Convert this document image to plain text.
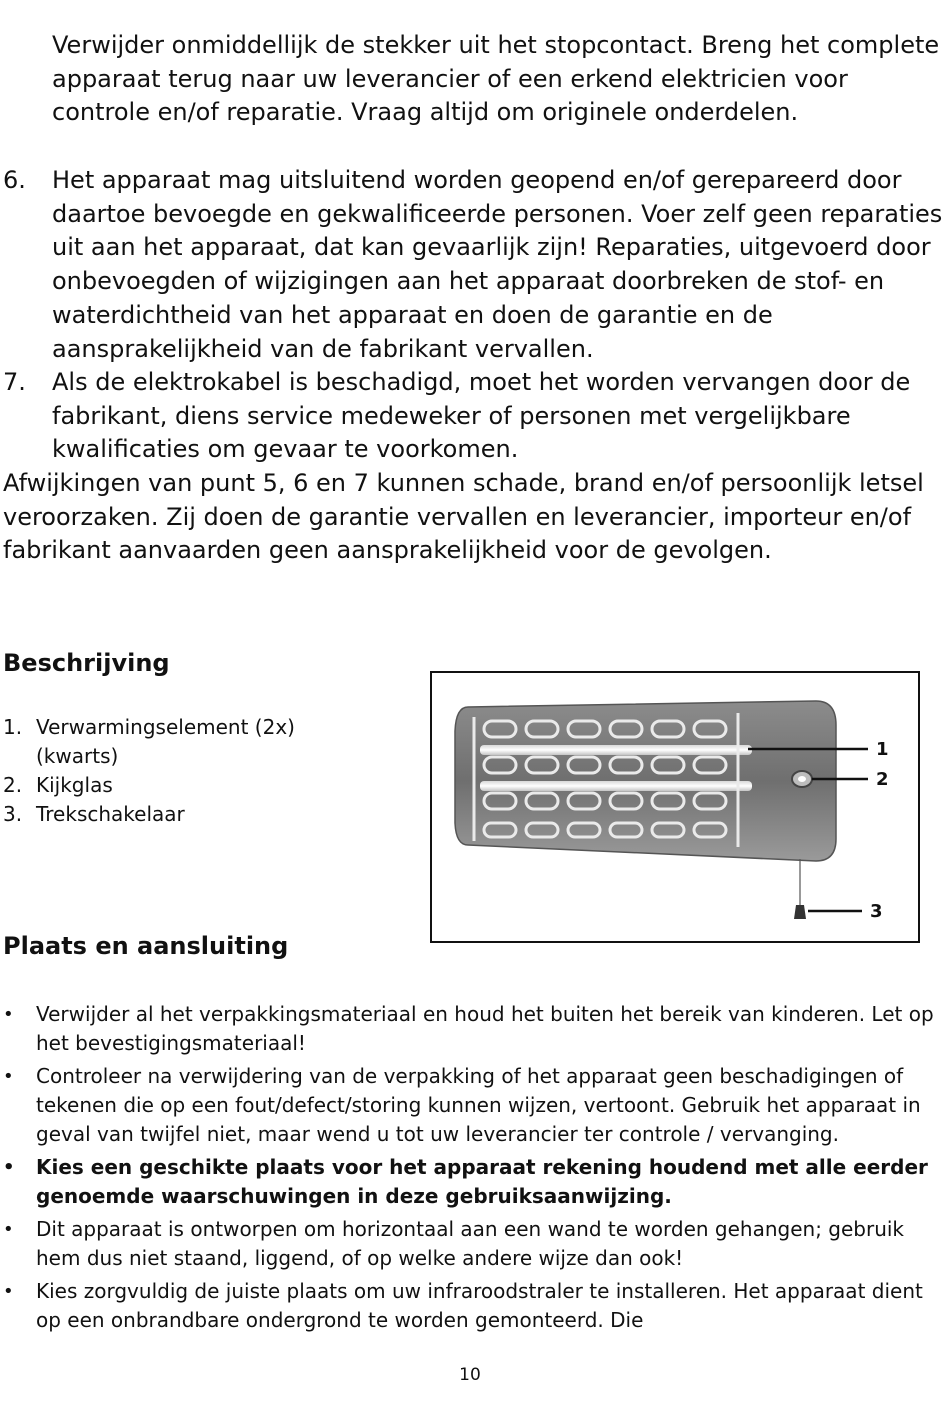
Verwijder onmiddellijk de stekker uit het stopcontact. Breng het complete apparaat terug naar uw leverancier of een erkend elektricien voor controle en/of reparatie. Vraag altijd om originele onderdelen.
6. Het apparaat mag uitsluitend worden geopend en/of gerepareerd door daartoe bevoegde en gekwalificeerde personen. Voer zelf geen reparaties uit aan het apparaat, dat kan gevaarlijk zijn! Reparaties, uitgevoerd door onbevoegden of wijzigingen aan het apparaat doorbreken de stof- en waterdichtheid van het apparaat en doen de garantie en de aansprakelijkheid van de fabrikant vervallen.
7. Als de elektrokabel is beschadigd, moet het worden vervangen door de fabrikant, diens service medeweker of personen met vergelijkbare kwalificaties om gevaar te voorkomen.
Afwijkingen van punt 5, 6 en 7 kunnen schade, brand en/of persoonlijk letsel veroorzaken. Zij doen de garantie vervallen en leverancier, importeur en/of fabrikant aanvaarden geen aansprakelijkheid voor de gevolgen.
Beschrijving
1. Verwarmingselement (2x)
(kwarts)
2. Kijkglas
3. Trekschakelaar
1
2
3
Plaats en aansluiting
• Verwijder al het verpakkingsmateriaal en houd het buiten het bereik van kinderen. Let op het bevestigingsmateriaal!
• Controleer na verwijdering van de verpakking of het apparaat geen beschadigingen of tekenen die op een fout/defect/storing kunnen wijzen, vertoont. Gebruik het apparaat in geval van twijfel niet, maar wend u tot uw leverancier ter controle / vervanging.
• Kies een geschikte plaats voor het apparaat rekening houdend met alle eerder genoemde waarschuwingen in deze gebruiksaanwijzing.
• Dit apparaat is ontworpen om horizontaal aan een wand te worden gehangen; gebruik hem dus niet staand, liggend, of op welke andere wijze dan ook!
• Kies zorgvuldig de juiste plaats om uw infraroodstraler te installeren. Het apparaat dient op een onbrandbare ondergrond te worden gemonteerd. Die
10
